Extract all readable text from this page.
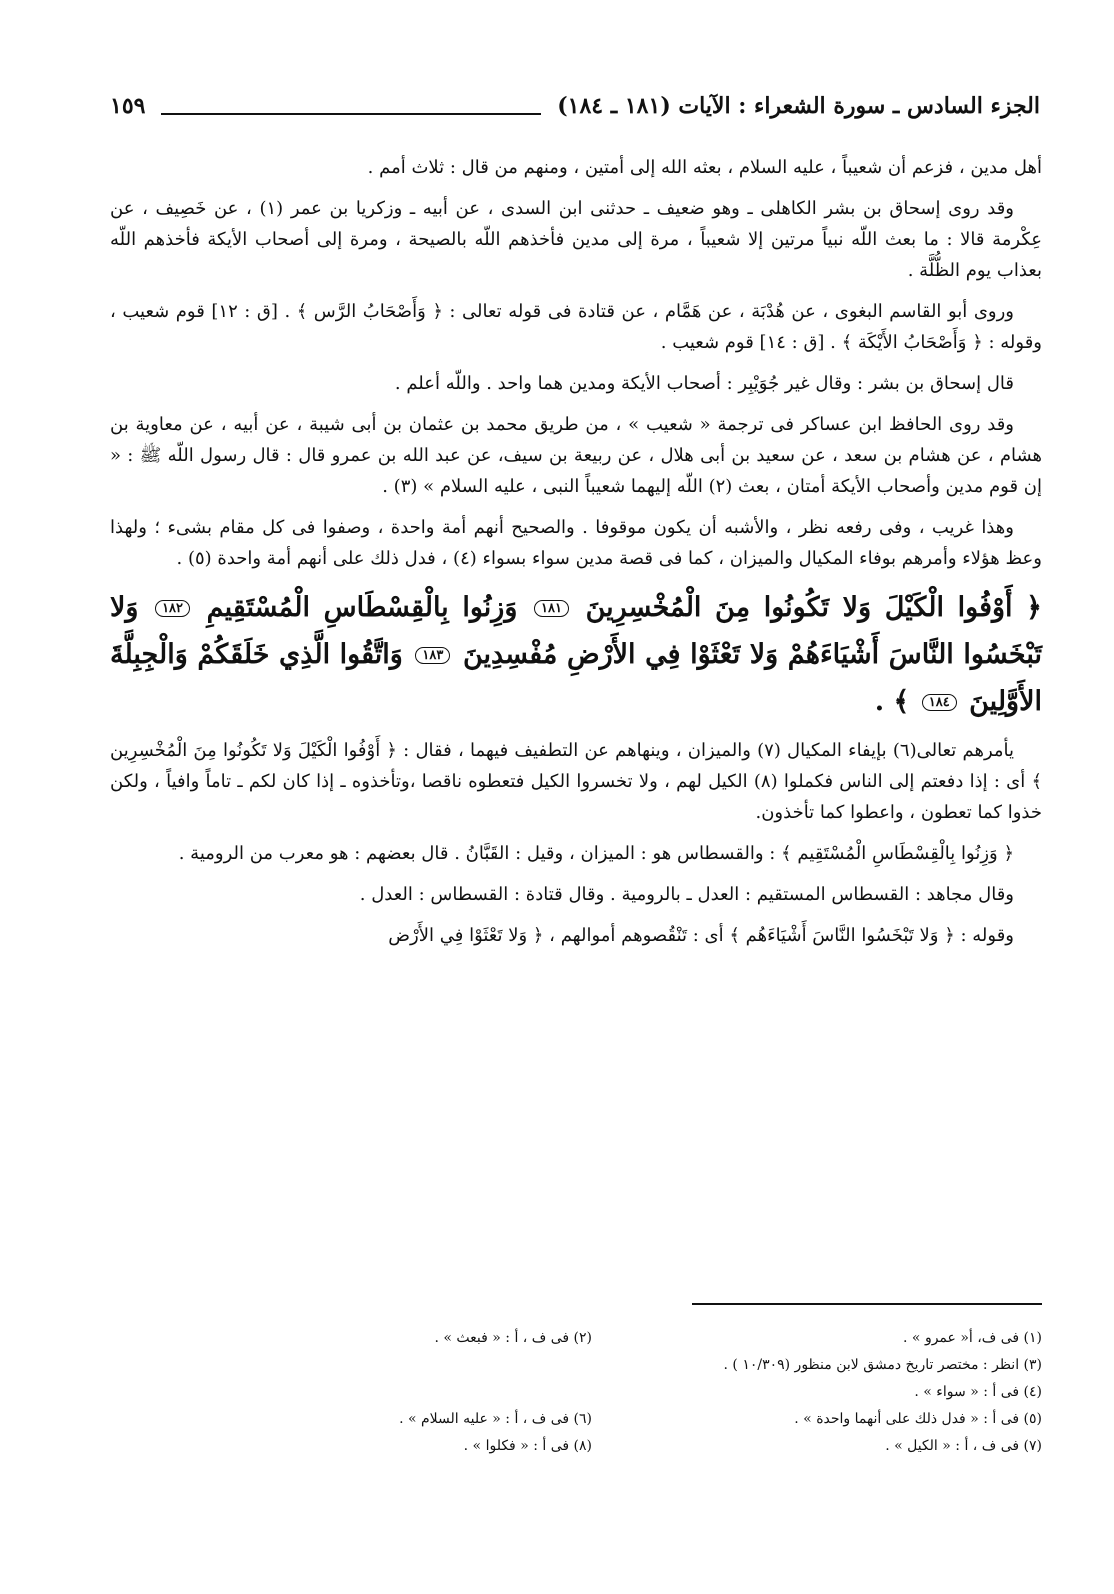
الجزء السادس ـ سورة الشعراء : الآيات (١٨١ ـ ١٨٤)
١٥٩

أهل مدين ، فزعم أن شعيباً ، عليه السلام ، بعثه الله إلى أمتين ، ومنهم من قال : ثلاث أمم .

وقد روى إسحاق بن بشر الكاهلى ـ وهو ضعيف ـ حدثنى ابن السدى ، عن أبيه ـ وزكريا بن عمر (١) ، عن خَصِيف ، عن عِكْرمة قالا : ما بعث اللّه نبياً مرتين إلا شعيباً ، مرة إلى مدين فأخذهم اللّه بالصيحة ، ومرة إلى أصحاب الأيكة فأخذهم اللّه بعذاب يوم الظُّلَّة .

وروى أبو القاسم البغوى ، عن هُدْبَة ، عن هَمَّام ، عن قتادة فى قوله تعالى : ﴿ وَأَصْحَابُ الرَّس ﴾ . [ق : ١٢] قوم شعيب ، وقوله : ﴿ وَأَصْحَابُ الأَيْكَة ﴾ . [ق : ١٤] قوم شعيب .

قال إسحاق بن بشر : وقال غير جُوَيْبِر : أصحاب الأيكة ومدين هما واحد . واللّه أعلم .

وقد روى الحافظ ابن عساكر فى ترجمة « شعيب » ، من طريق محمد بن عثمان بن أبى شيبة ، عن أبيه ، عن معاوية بن هشام ، عن هشام بن سعد ، عن سعيد بن أبى هلال ، عن ربيعة بن سيف، عن عبد الله بن عمرو قال : قال رسول اللّه ﷺ : « إن قوم مدين وأصحاب الأيكة أمتان ، بعث (٢) اللّه إليهما شعيباً النبى ، عليه السلام » (٣) .

وهذا غريب ، وفى رفعه نظر ، والأشبه أن يكون موقوفا . والصحيح أنهم أمة واحدة ، وصفوا فى كل مقام بشىء ؛ ولهذا وعظ هؤلاء وأمرهم بوفاء المكيال والميزان ، كما فى قصة مدين سواء بسواء (٤) ، فدل ذلك على أنهم أمة واحدة (٥) .

﴿ أَوْفُوا الْكَيْلَ وَلا تَكُونُوا مِنَ الْمُخْسِرِينَ ١٨١ وَزِنُوا بِالْقِسْطَاسِ الْمُسْتَقِيمِ ١٨٢ وَلا تَبْخَسُوا النَّاسَ أَشْيَاءَهُمْ وَلا تَعْثَوْا فِي الأَرْضِ مُفْسِدِينَ ١٨٣ وَاتَّقُوا الَّذِي خَلَقَكُمْ وَالْجِبِلَّةَ الأَوَّلِينَ ١٨٤ ﴾ .

يأمرهم تعالى(٦) بإيفاء المكيال (٧) والميزان ، وينهاهم عن التطفيف فيهما ، فقال : ﴿ أَوْفُوا الْكَيْلَ وَلا تَكُونُوا مِنَ الْمُخْسِرِين ﴾ أى : إذا دفعتم إلى الناس فكملوا (٨) الكيل لهم ، ولا تخسروا الكيل فتعطوه ناقصا ،وتأخذوه ـ إذا كان لكم ـ تاماً وافياً ، ولكن خذوا كما تعطون ، واعطوا كما تأخذون.

﴿ وَزِنُوا بِالْقِسْطَاسِ الْمُسْتَقِيم ﴾ : والقسطاس هو : الميزان ، وقيل : القَبَّانُ . قال بعضهم : هو معرب من الرومية .

وقال مجاهد : القسطاس المستقيم : العدل ـ بالرومية . وقال قتادة : القسطاس : العدل .

وقوله : ﴿ وَلا تَبْخَسُوا النَّاسَ أَشْيَاءَهُم ﴾ أى : تَنْقُصوهم أموالهم ، ﴿ وَلا تَعْثَوْا فِي الأَرْض

(١) فى ف، أ« عمرو » .
(٢) فى ف ، أ : « فبعث » .
(٣) انظر : مختصر تاريخ دمشق لابن منظور (١٠/٣٠٩ ) .
(٤) فى أ : « سواء » .
(٥) فى أ : « فدل ذلك على أنهما واحدة » .
(٦) فى ف ، أ : « عليه السلام » .
(٧) فى ف ، أ : « الكيل » .
(٨) فى أ : « فكلوا » .
